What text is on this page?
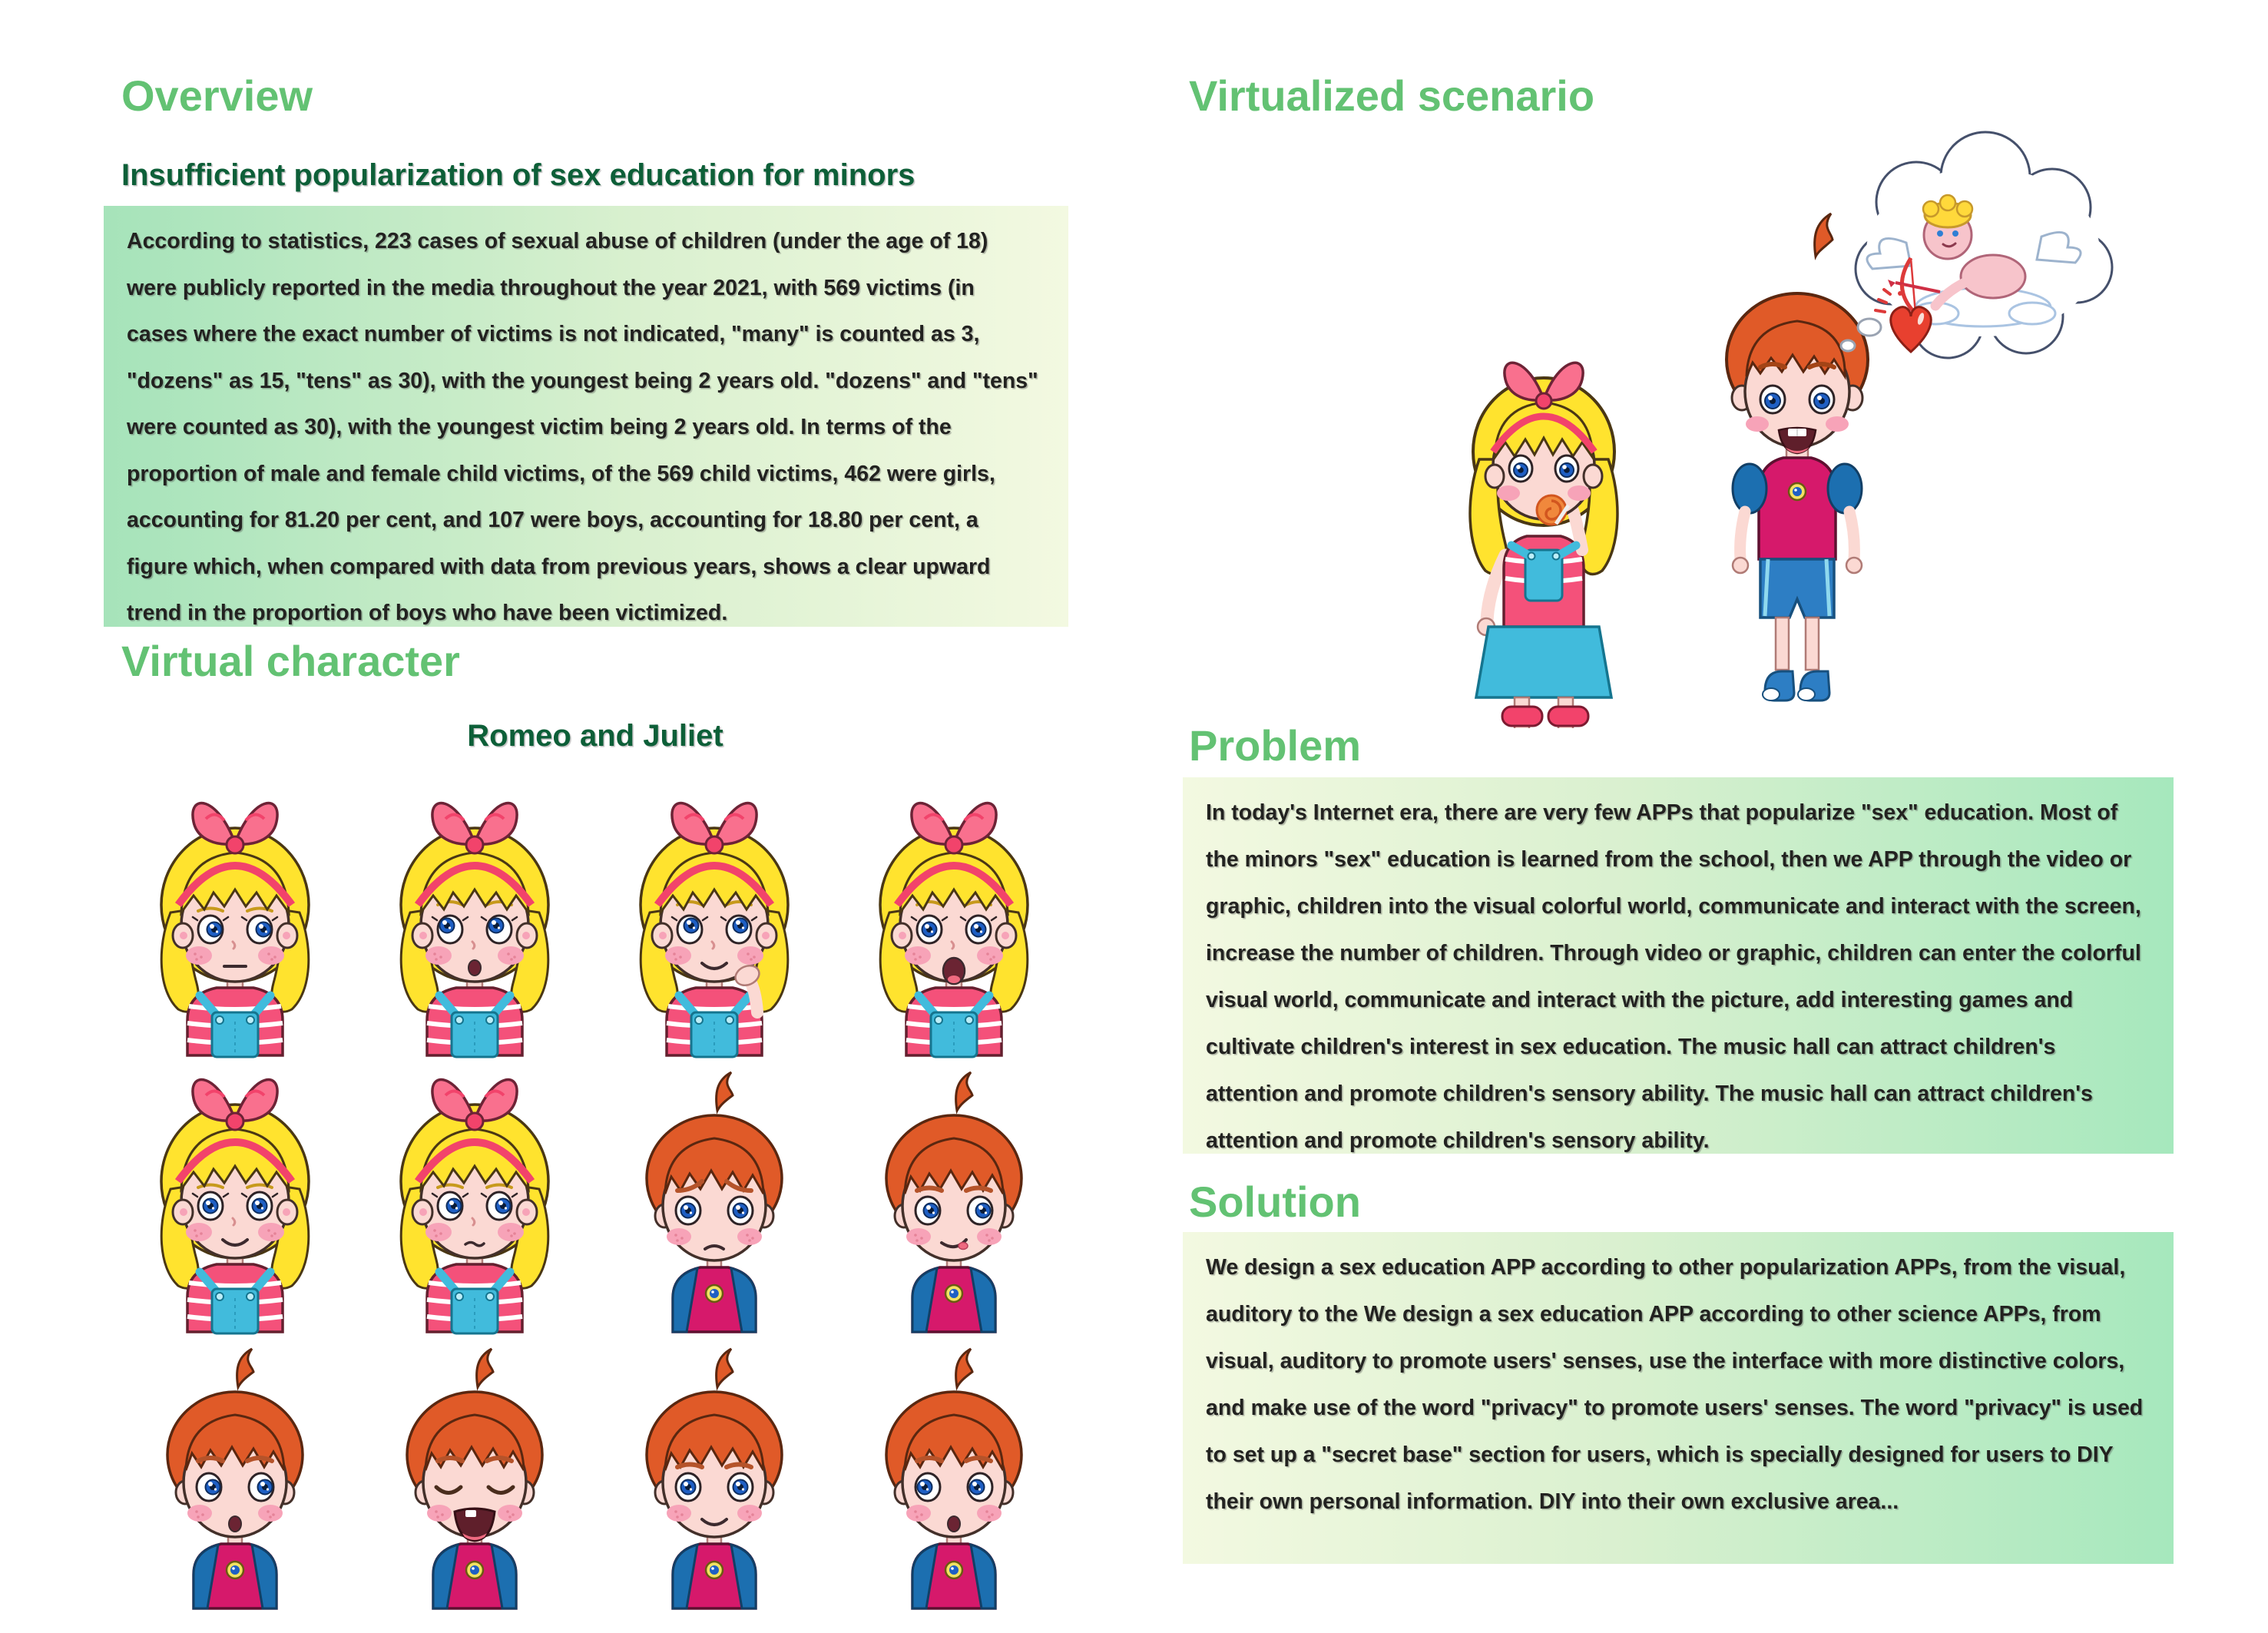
Overview
Insufficient popularization of sex education for minors

According to statistics, 223 cases of sexual abuse of children (under the age of 18) were publicly reported in the media throughout the year 2021, with 569 victims (in cases where the exact number of victims is not indicated, "many" is counted as 3, "dozens" as 15, "tens" as 30), with the youngest being 2 years old. "dozens" and "tens" were counted as 30), with the youngest victim being 2 years old. In terms of the proportion of male and female child victims, of the 569 child victims, 462 were girls, accounting for 81.20 per cent, and 107 were boys, accounting for 18.80 per cent, a figure which, when compared with data from previous years, shows a clear upward trend in the proportion of boys who have been victimized.

Virtual character
Romeo and Juliet
Virtualized scenario
Problem

In today's Internet era, there are very few APPs that popularize "sex" education. Most of the minors "sex" education is learned from the school, then we APP through the video or graphic, children into the visual colorful world, communicate and interact with the screen, increase the number of children. Through video or graphic, children can enter the colorful visual world, communicate and interact with the picture, add interesting games and cultivate children's interest in sex education. The music hall can attract children's attention and promote children's sensory ability. The music hall can attract children's attention and promote children's sensory ability.

Solution

We design a sex education APP according to other popularization APPs, from the visual, auditory to the We design a sex education APP according to other science APPs, from visual, auditory to promote users' senses, use the interface with more distinctive colors, and make use of the word "privacy" to promote users' senses. The word "privacy" is used to set up a "secret base" section for users, which is specially designed for users to DIY their own personal information. DIY into their own exclusive area...
